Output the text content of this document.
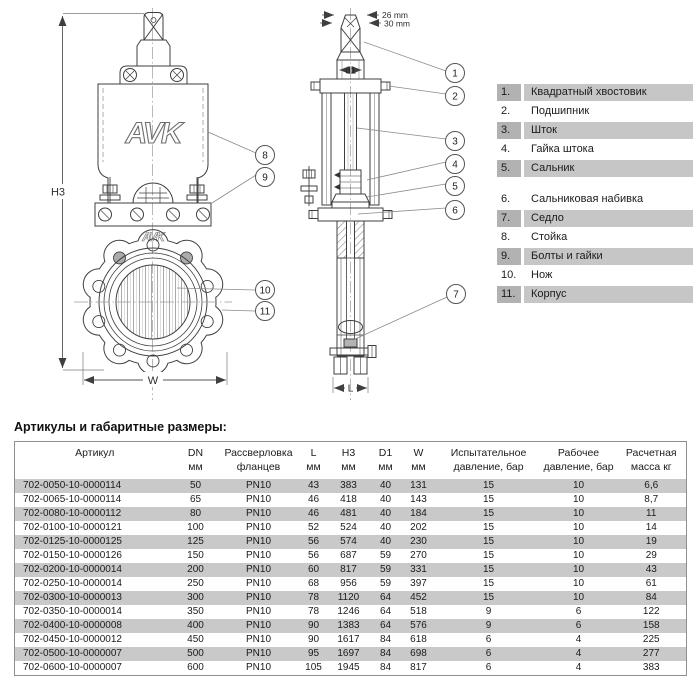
H3
AVK
AVK
W
26 mm
30 mm
d1
L
1
2
3
4
5
6
7
8
9
10
11
1.	Квадратный хвостовик
2.	Подшипник
3.	Шток
4.	Гайка штока
5.	Сальник
6.	Сальниковая набивка
7.	Седло
8.	Стойка
9.	Болты и гайки
10.	Нож
11.	Корпус
Артикулы и габаритные размеры:
Артикул	DN
мм

Рассверловка
фланцев

L
мм

H3
мм

D1
мм

W
мм

Испытательное
давление, бар

Рабочее
давление, бар

Расчетная
масса кг

702-0050-10-0000114	50	PN10	43	383	40	131	15	10	6,6
702-0065-10-0000114	65	PN10	46	418	40	143	15	10	8,7
702-0080-10-0000112	80	PN10	46	481	40	184	15	10	11
702-0100-10-0000121	100	PN10	52	524	40	202	15	10	14
702-0125-10-0000125	125	PN10	56	574	40	230	15	10	19
702-0150-10-0000126	150	PN10	56	687	59	270	15	10	29
702-0200-10-0000014	200	PN10	60	817	59	331	15	10	43
702-0250-10-0000014	250	PN10	68	956	59	397	15	10	61
702-0300-10-0000013	300	PN10	78	1120	64	452	15	10	84
702-0350-10-0000014	350	PN10	78	1246	64	518	9	6	122
702-0400-10-0000008	400	PN10	90	1383	64	576	9	6	158
702-0450-10-0000012	450	PN10	90	1617	84	618	6	4	225
702-0500-10-0000007	500	PN10	95	1697	84	698	6	4	277
702-0600-10-0000007	600	PN10	105	1945	84	817	6	4	383
